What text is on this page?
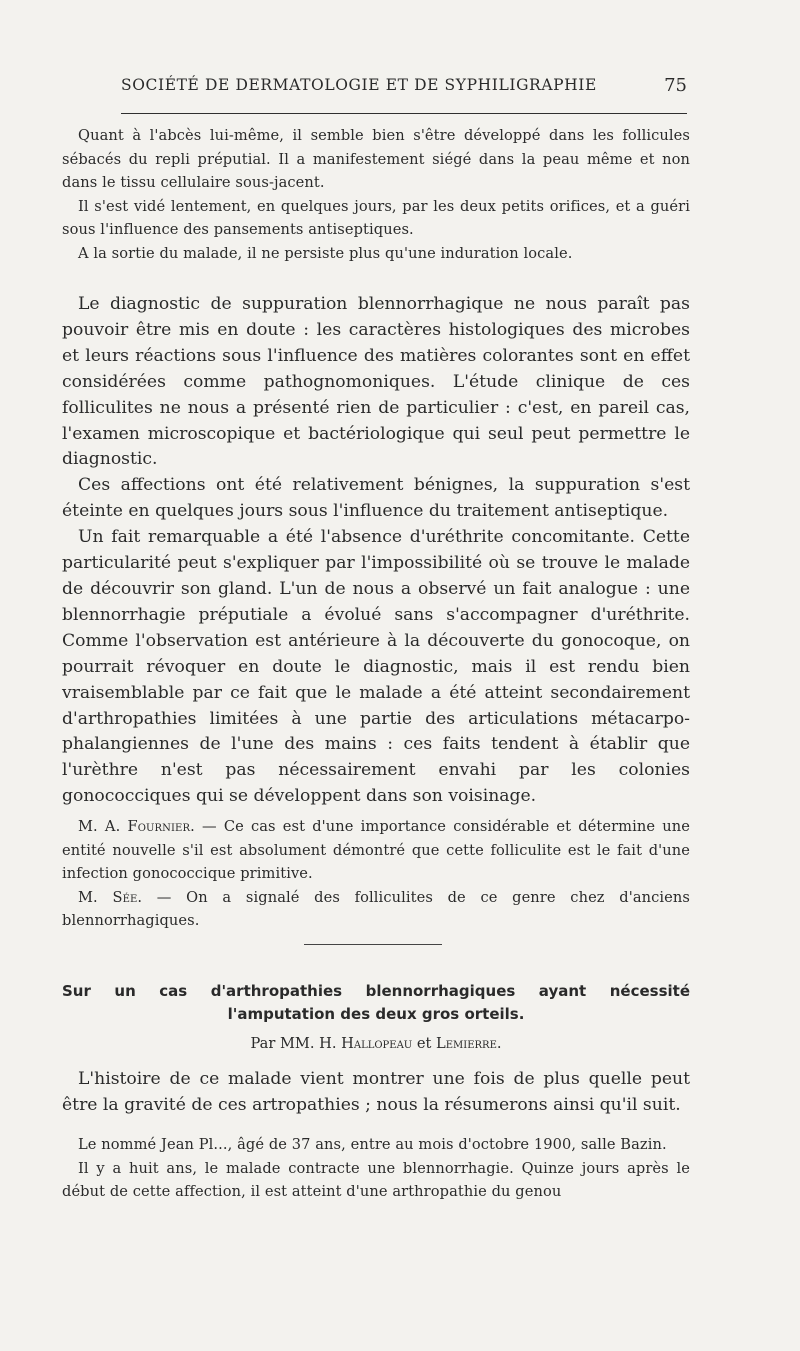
SOCIÉTÉ DE DERMATOLOGIE ET DE SYPHILIGRAPHIE	75

Quant à l'abcès lui-même, il semble bien s'être développé dans les follicules sébacés du repli préputial. Il a manifestement siégé dans la peau même et non dans le tissu cellulaire sous-jacent.

Il s'est vidé lentement, en quelques jours, par les deux petits orifices, et a guéri sous l'influence des pansements antiseptiques.

A la sortie du malade, il ne persiste plus qu'une induration locale.

Le diagnostic de suppuration blennorrhagique ne nous paraît pas pouvoir être mis en doute : les caractères histologiques des microbes et leurs réactions sous l'influence des matières colorantes sont en effet considérées comme pathognomoniques. L'étude clinique de ces folliculites ne nous a présenté rien de particulier : c'est, en pareil cas, l'examen microscopique et bactériologique qui seul peut permettre le diagnostic.

Ces affections ont été relativement bénignes, la suppuration s'est éteinte en quelques jours sous l'influence du traitement antiseptique.

Un fait remarquable a été l'absence d'uréthrite concomitante. Cette particularité peut s'expliquer par l'impossibilité où se trouve le malade de découvrir son gland. L'un de nous a observé un fait analogue : une blennorrhagie préputiale a évolué sans s'accompagner d'uréthrite. Comme l'observation est antérieure à la découverte du gonocoque, on pourrait révoquer en doute le diagnostic, mais il est rendu bien vraisemblable par ce fait que le malade a été atteint secondairement d'arthropathies limitées à une partie des articulations métacarpo-phalangiennes de l'une des mains : ces faits tendent à établir que l'urèthre n'est pas nécessairement envahi par les colonies gonococciques qui se développent dans son voisinage.

M. A. Fournier. — Ce cas est d'une importance considérable et détermine une entité nouvelle s'il est absolument démontré que cette folliculite est le fait d'une infection gonococcique primitive.

M. Sée. — On a signalé des folliculites de ce genre chez d'anciens blennorrhagiques.

Sur un cas d'arthropathies blennorrhagiques ayant nécessité l'amputation des deux gros orteils.
Par MM. H. Hallopeau et Lemierre.

L'histoire de ce malade vient montrer une fois de plus quelle peut être la gravité de ces artropathies ; nous la résumerons ainsi qu'il suit.

Le nommé Jean Pl..., âgé de 37 ans, entre au mois d'octobre 1900, salle Bazin.

Il y a huit ans, le malade contracte une blennorrhagie. Quinze jours après le début de cette affection, il est atteint d'une arthropathie du genou
